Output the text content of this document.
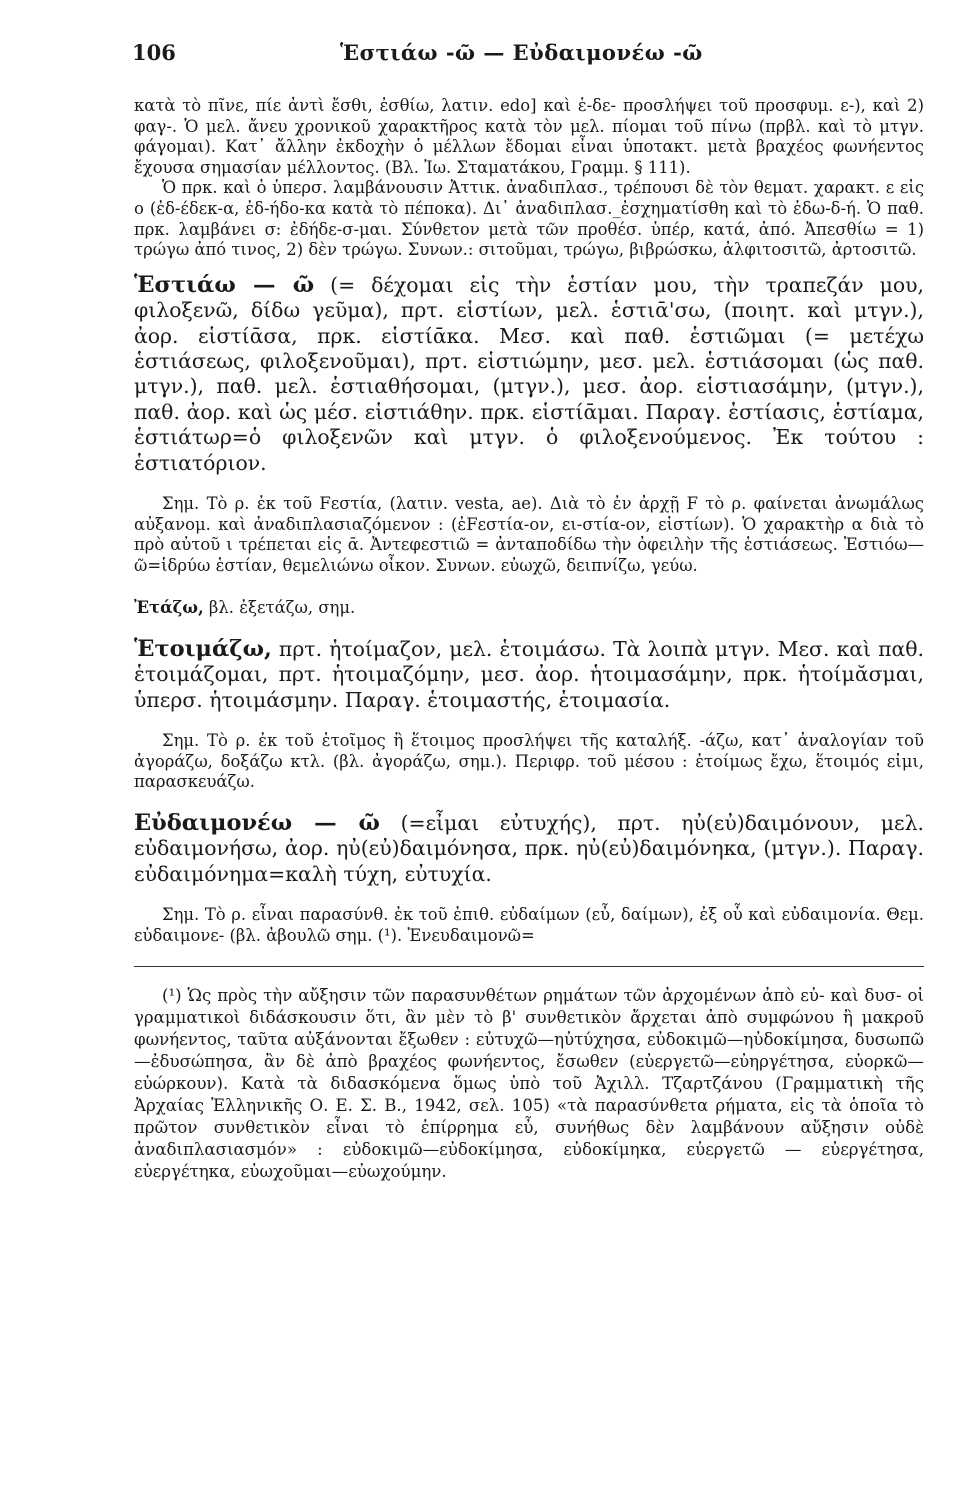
106	Ἑστιάω -ῶ — Εὐδαιμονέω -ῶ

κατὰ τὸ πῖνε, πίε ἀντὶ ἔσθι, ἐσθίω, λατιν. edo] καὶ ἑ-δε- προσλήψει τοῦ προσφυμ. ε-), καὶ 2) φαγ-. Ὁ μελ. ἄνευ χρονικοῦ χαρακτῆρος κατὰ τὸν μελ. πίομαι τοῦ πίνω (πρβλ. καὶ τὸ μτγν. φάγομαι). Κατ᾽ ἄλλην ἐκδοχὴν ὁ μέλλων ἔδομαι εἶναι ὑποτακτ. μετὰ βραχέος φωνήεντος ἔχουσα σημασίαν μέλλοντος. (Βλ. Ἰω. Σταματάκου, Γραμμ. § 111).

Ὁ πρκ. καὶ ὁ ὑπερσ. λαμβάνουσιν Ἀττικ. ἀναδιπλασ., τρέπουσι δὲ τὸν θεματ. χαρακτ. ε εἰς ο (ἐδ-έδεκ-α, ἐδ-ήδο-κα κατὰ τὸ πέποκα). Δι᾽ ἀναδιπλασ._ἐσχηματίσθη καὶ τὸ ἐδω-δ-ή. Ὁ παθ. πρκ. λαμβάνει σ: ἐδήδε-σ-μαι. Σύνθετον μετὰ τῶν προθέσ. ὑπέρ, κατά, ἀπό. Ἀπεσθίω = 1) τρώγω ἀπό τινος, 2) δὲν τρώγω. Συνων.: σιτοῦμαι, τρώγω, βιβρώσκω, ἀλφιτοσιτῶ, ἀρτοσιτῶ.

Ἑστιάω — ῶ (= δέχομαι εἰς τὴν ἑστίαν μου, τὴν τραπεζάν μου, φιλοξενῶ, δίδω γεῦμα), πρτ. εἱστίων, μελ. ἑστιᾱ'σω, (ποιητ. καὶ μτγν.), ἀορ. εἱστίᾱσα, πρκ. εἱστίᾱκα. Μεσ. καὶ παθ. ἑστιῶμαι (= μετέχω ἑστιάσεως, φιλοξενοῦμαι), πρτ. εἱστιώμην, μεσ. μελ. ἑστιάσομαι (ὡς παθ. μτγν.), παθ. μελ. ἑστιαθήσομαι, (μτγν.), μεσ. ἀορ. εἱστιασάμην, (μτγν.), παθ. ἀορ. καὶ ὡς μέσ. εἱστιάθην. πρκ. εἱστίᾱμαι. Παραγ. ἑστίασις, ἑστίαμα, ἑστιάτωρ=ὁ φιλοξενῶν καὶ μτγν. ὁ φιλοξενούμενος. Ἐκ τούτου : ἑστιατόριον.

Σημ. Τὸ ρ. ἐκ τοῦ Fεστία, (λατιν. vesta, ae). Διὰ τὸ ἐν ἀρχῇ F τὸ ρ. φαίνεται ἀνωμάλως αὐξανομ. καὶ ἀναδιπλασιαζόμενον : (ἐFεστία-ον, ει-στία-ον, εἱστίων). Ὁ χαρακτὴρ α διὰ τὸ πρὸ αὐτοῦ ι τρέπεται εἰς ᾱ. Ἀντεφεστιῶ = ἀνταποδίδω τὴν ὀφειλὴν τῆς ἑστιάσεως. Ἑστιόω—ῶ=ἱδρύω ἑστίαν, θεμελιώνω οἶκον. Συνων. εὐωχῶ, δειπνίζω, γεύω.

Ἐτάζω, βλ. ἐξετάζω, σημ.

Ἑτοιμάζω, πρτ. ἡτοίμαζον, μελ. ἑτοιμάσω. Τὰ λοιπὰ μτγν. Μεσ. καὶ παθ. ἑτοιμάζομαι, πρτ. ἡτοιμαζόμην, μεσ. ἀορ. ἡτοιμασάμην, πρκ. ἡτοίμᾰσμαι, ὑπερσ. ἡτοιμάσμην. Παραγ. ἑτοιμαστής, ἑτοιμασία.

Σημ. Τὸ ρ. ἐκ τοῦ ἑτοῖμος ἢ ἕτοιμος προσλήψει τῆς καταλήξ. -άζω, κατ᾽ ἀναλογίαν τοῦ ἀγοράζω, δοξάζω κτλ. (βλ. ἀγοράζω, σημ.). Περιφρ. τοῦ μέσου : ἑτοίμως ἔχω, ἕτοιμός εἰμι, παρασκευάζω.

Εὐδαιμονέω — ῶ (=εἶμαι εὐτυχής), πρτ. ηὐ(εὐ)δαιμόνουν, μελ. εὐδαιμονήσω, ἀορ. ηὐ(εὐ)δαιμόνησα, πρκ. ηὐ(εὐ)δαιμόνηκα, (μτγν.). Παραγ. εὐδαιμόνημα=καλὴ τύχη, εὐτυχία.

Σημ. Τὸ ρ. εἶναι παρασύνθ. ἐκ τοῦ ἐπιθ. εὐδαίμων (εὖ, δαίμων), ἐξ οὗ καὶ εὐδαιμονία. Θεμ. εὐδαιμονε- (βλ. ἀβουλῶ σημ. (¹). Ἐνευδαιμονῶ=

(¹) Ὡς πρὸς τὴν αὔξησιν τῶν παρασυνθέτων ρημάτων τῶν ἀρχομένων ἀπὸ εὐ- καὶ δυσ- οἱ γραμματικοὶ διδάσκουσιν ὅτι, ἂν μὲν τὸ β' συνθετικὸν ἄρχεται ἀπὸ συμφώνου ἢ μακροῦ φωνήεντος, ταῦτα αὐξάνονται ἔξωθεν : εὐτυχῶ—ηὐτύχησα, εὐδοκιμῶ—ηὐδοκίμησα, δυσωπῶ—ἐδυσώπησα, ἂν δὲ ἀπὸ βραχέος φωνήεντος, ἔσωθεν (εὐεργετῶ—εὐηργέτησα, εὐορκῶ—εὐώρκουν). Κατὰ τὰ διδασκόμενα ὅμως ὑπὸ τοῦ Ἀχιλλ. Τζαρτζάνου (Γραμματικὴ τῆς Ἀρχαίας Ἑλληνικῆς Ο. Ε. Σ. Β., 1942, σελ. 105) «τὰ παρασύνθετα ρήματα, εἰς τὰ ὁποῖα τὸ πρῶτον συνθετικὸν εἶναι τὸ ἐπίρρημα εὖ, συνήθως δὲν λαμβάνουν αὔξησιν οὐδὲ ἀναδιπλασιασμόν» : εὐδοκιμῶ—εὐδοκίμησα, εὐδοκίμηκα, εὐεργετῶ — εὐεργέτησα, εὐεργέτηκα, εὐωχοῦμαι—εὐωχούμην.
